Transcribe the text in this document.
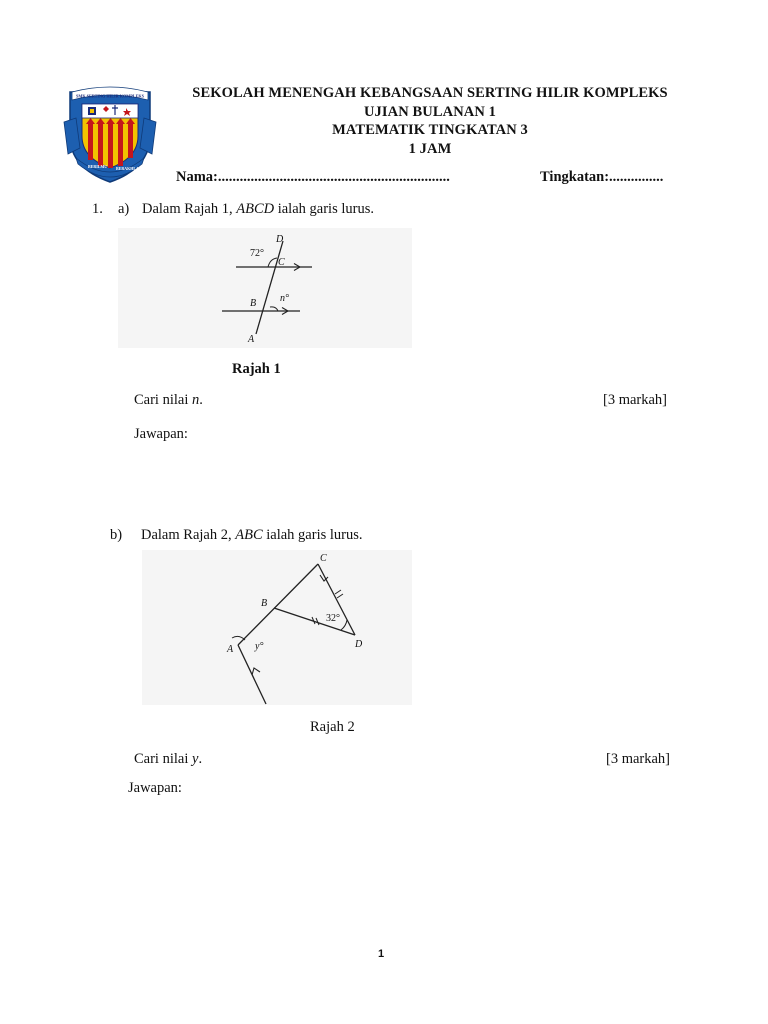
SMK SERTING HILIR KOMPLEKS
BERILMU BERAKHLAK
SEKOLAH MENENGAH KEBANGSAAN SERTING HILIR KOMPLEKS
UJIAN BULANAN 1
MATEMATIK TINGKATAN 3
1 JAM
Nama:................................................................	Tingkatan:...............
1. a) Dalam Rajah 1, ABCD ialah garis lurus.
D
72°
C
n°
B
A
Rajah 1
Cari nilai n.	[3 markah]
Jawapan:
b) Dalam Rajah 2, ABC ialah garis lurus.
C
B
32°
D
A y°
Rajah 2
Cari nilai y.	[3 markah]
Jawapan:
1
